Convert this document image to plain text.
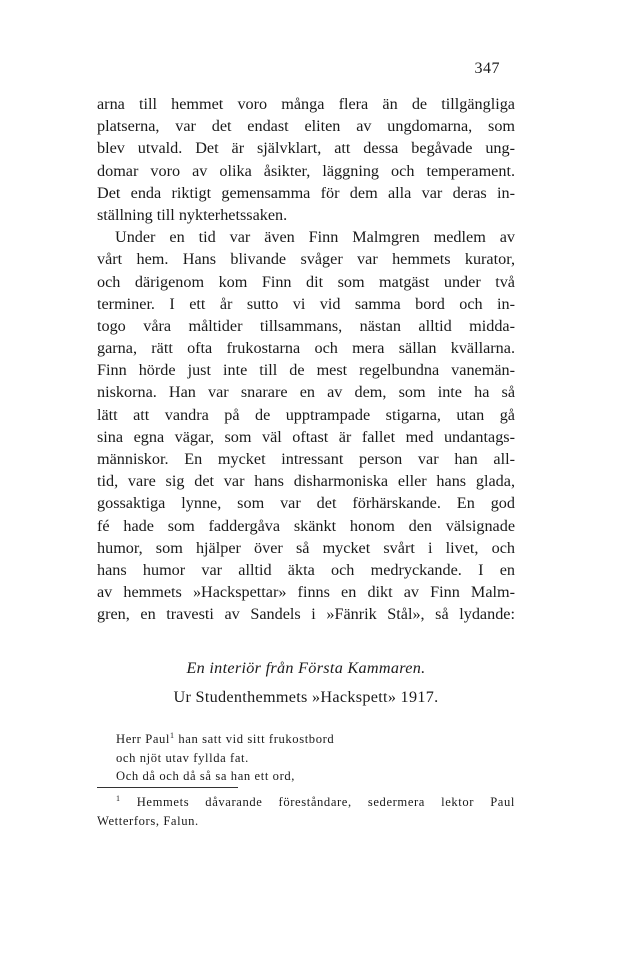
347
arna till hemmet voro många flera än de tillgängliga
platserna, var det endast eliten av ungdomarna, som
blev utvald. Det är självklart, att dessa begåvade ung-
domar voro av olika åsikter, läggning och temperament.
Det enda riktigt gemensamma för dem alla var deras in-
ställning till nykterhetssaken.
Under en tid var även Finn Malmgren medlem av
vårt hem. Hans blivande svåger var hemmets kurator,
och därigenom kom Finn dit som matgäst under två
terminer. I ett år sutto vi vid samma bord och in-
togo våra måltider tillsammans, nästan alltid midda-
garna, rätt ofta frukostarna och mera sällan kvällarna.
Finn hörde just inte till de mest regelbundna vanemän-
niskorna. Han var snarare en av dem, som inte ha så
lätt att vandra på de upptrampade stigarna, utan gå
sina egna vägar, som väl oftast är fallet med undantags-
människor. En mycket intressant person var han all-
tid, vare sig det var hans disharmoniska eller hans glada,
gossaktiga lynne, som var det förhärskande. En god
fé hade som faddergåva skänkt honom den välsignade
humor, som hjälper över så mycket svårt i livet, och
hans humor var alltid äkta och medryckande. I en
av hemmets »Hackspettar» finns en dikt av Finn Malm-
gren, en travesti av Sandels i »Fänrik Stål», så lydande:
En interiör från Första Kammaren.
Ur Studenthemmets »Hackspett» 1917.
Herr Paul$^1$ han satt vid sitt frukostbord
och njöt utav fyllda fat.
Och då och då så sa han ett ord,
$^1$ Hemmets dåvarande föreståndare, sedermera lektor Paul
Wetterfors, Falun.
